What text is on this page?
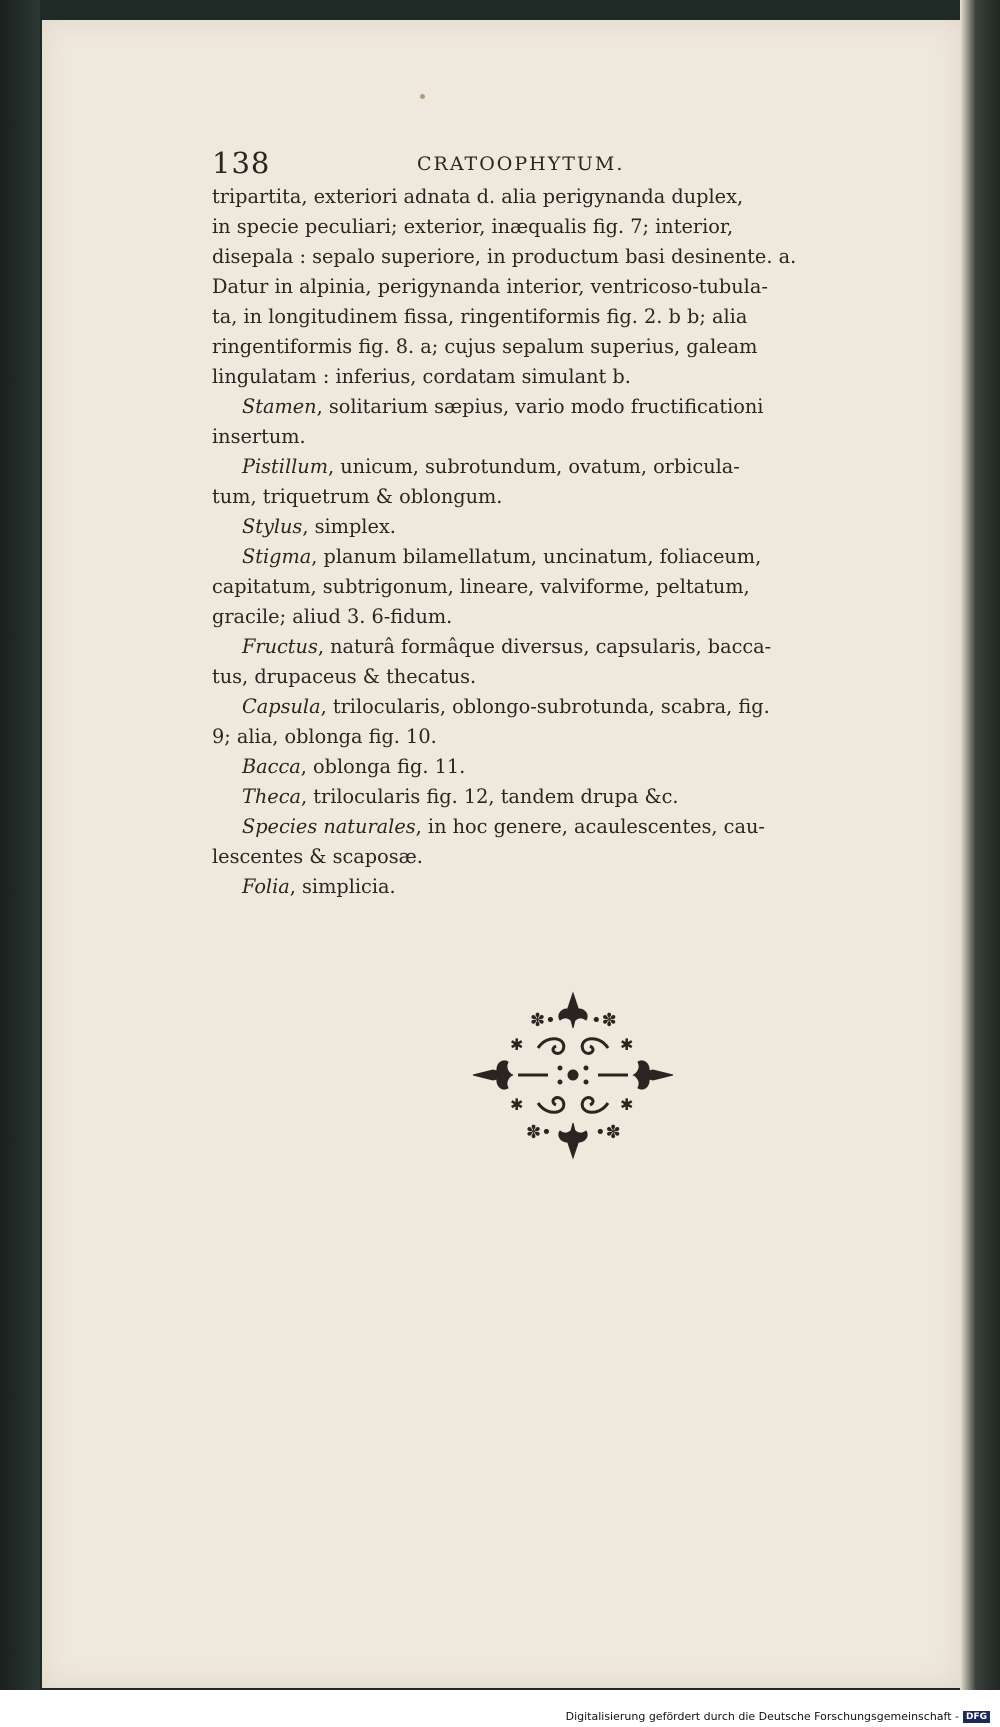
138	CRATOOPHYTUM.

tripartita, exteriori adnata d. alia perigynanda duplex,
in specie peculiari; exterior, inæqualis fig. 7; interior,
disepala : sepalo superiore, in productum basi desinente. a.
Datur in alpinia, perigynanda interior, ventricoso-tubula-
ta, in longitudinem fissa, ringentiformis fig. 2. b b; alia
ringentiformis fig. 8. a; cujus sepalum superius, galeam
lingulatam : inferius, cordatam simulant b.

Stamen, solitarium sæpius, vario modo fructificationi
insertum.

Pistillum, unicum, subrotundum, ovatum, orbicula-
tum, triquetrum & oblongum.

Stylus, simplex.

Stigma, planum bilamellatum, uncinatum, foliaceum,
capitatum, subtrigonum, lineare, valviforme, peltatum,
gracile; aliud 3. 6-fidum.

Fructus, naturâ formâque diversus, capsularis, bacca-
tus, drupaceus & thecatus.

Capsula, trilocularis, oblongo-subrotunda, scabra, fig.
9; alia, oblonga fig. 10.

Bacca, oblonga fig. 11.

Theca, trilocularis fig. 12, tandem drupa &c.

Species naturales, in hoc genere, acaulescentes, cau-
lescentes & scaposæ.

Folia, simplicia.

✽• •✽
✱	✱
✱	✱
✽• •✽
Digitalisierung gefördert durch die Deutsche Forschungsgemeinschaft - DFG
